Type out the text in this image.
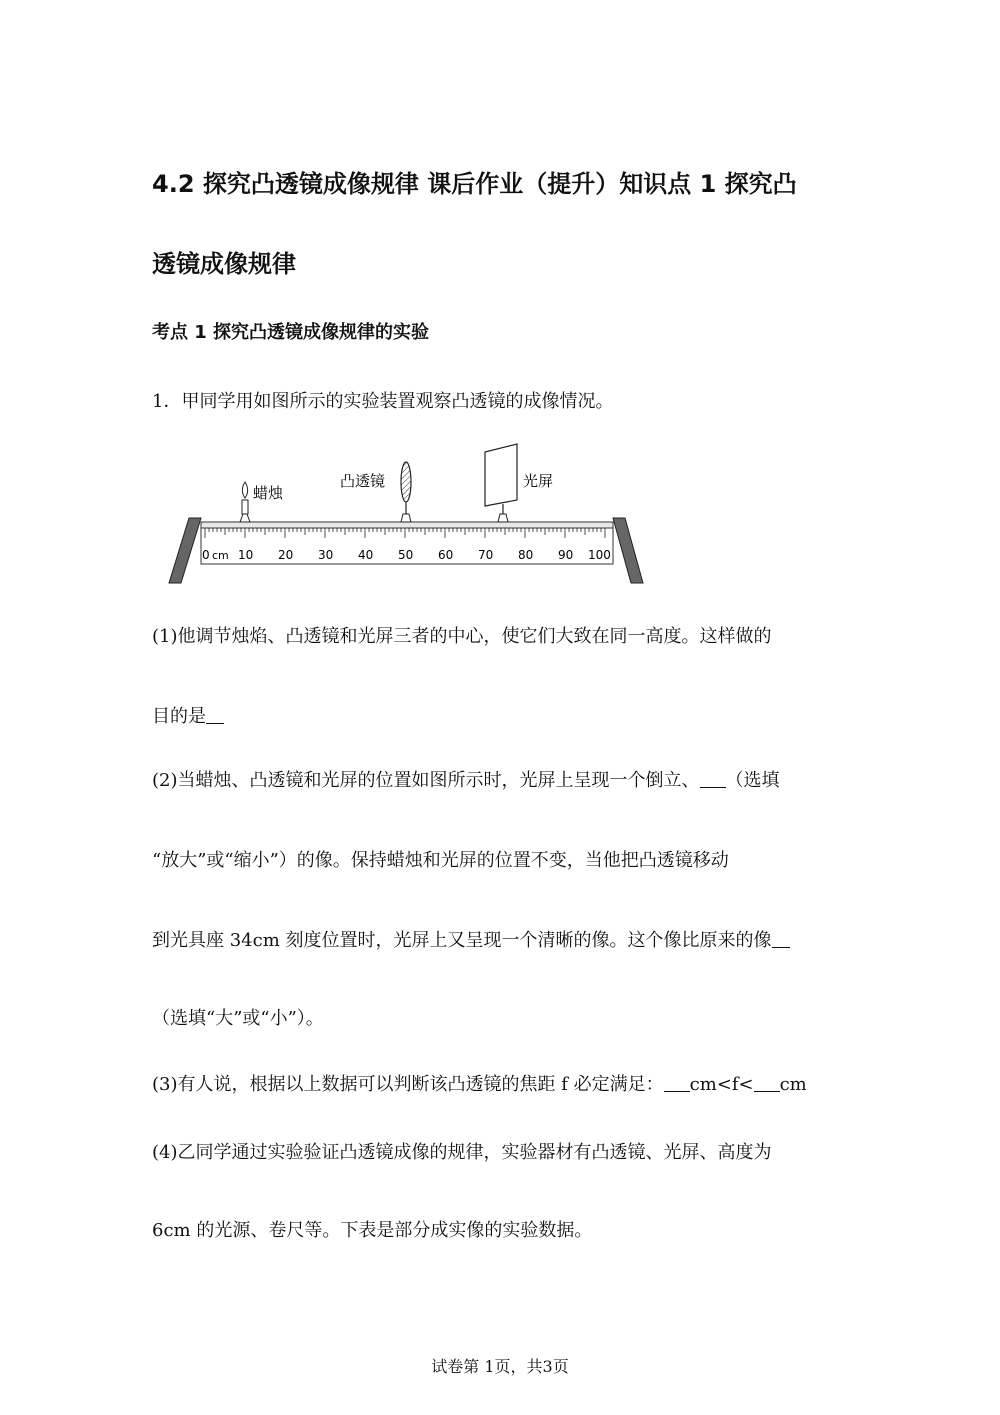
4.2 探究凸透镜成像规律 课后作业（提升）知识点 1 探究凸
透镜成像规律
考点 1 探究凸透镜成像规律的实验

1．甲同学用如图所示的实验装置观察凸透镜的成像情况。

0 cm 10 20 30 40 50 60 70 80 90 100
蜡烛
凸透镜	光屏

(1)他调节烛焰、凸透镜和光屏三者的中心，使它们大致在同一高度。这样做的

目的是

(2)当蜡烛、凸透镜和光屏的位置如图所示时，光屏上呈现一个倒立、 （选填

“放大”或“缩小”）的像。保持蜡烛和光屏的位置不变，当他把凸透镜移动

到光具座 34cm 刻度位置时，光屏上又呈现一个清晰的像。这个像比原来的像

（选填“大”或“小”）。

(3)有人说，根据以上数据可以判断该凸透镜的焦距 f 必定满足： cm<f< cm

(4)乙同学通过实验验证凸透镜成像的规律，实验器材有凸透镜、光屏、高度为

6cm 的光源、卷尺等。下表是部分成实像的实验数据。

试卷第 1页，共3页
